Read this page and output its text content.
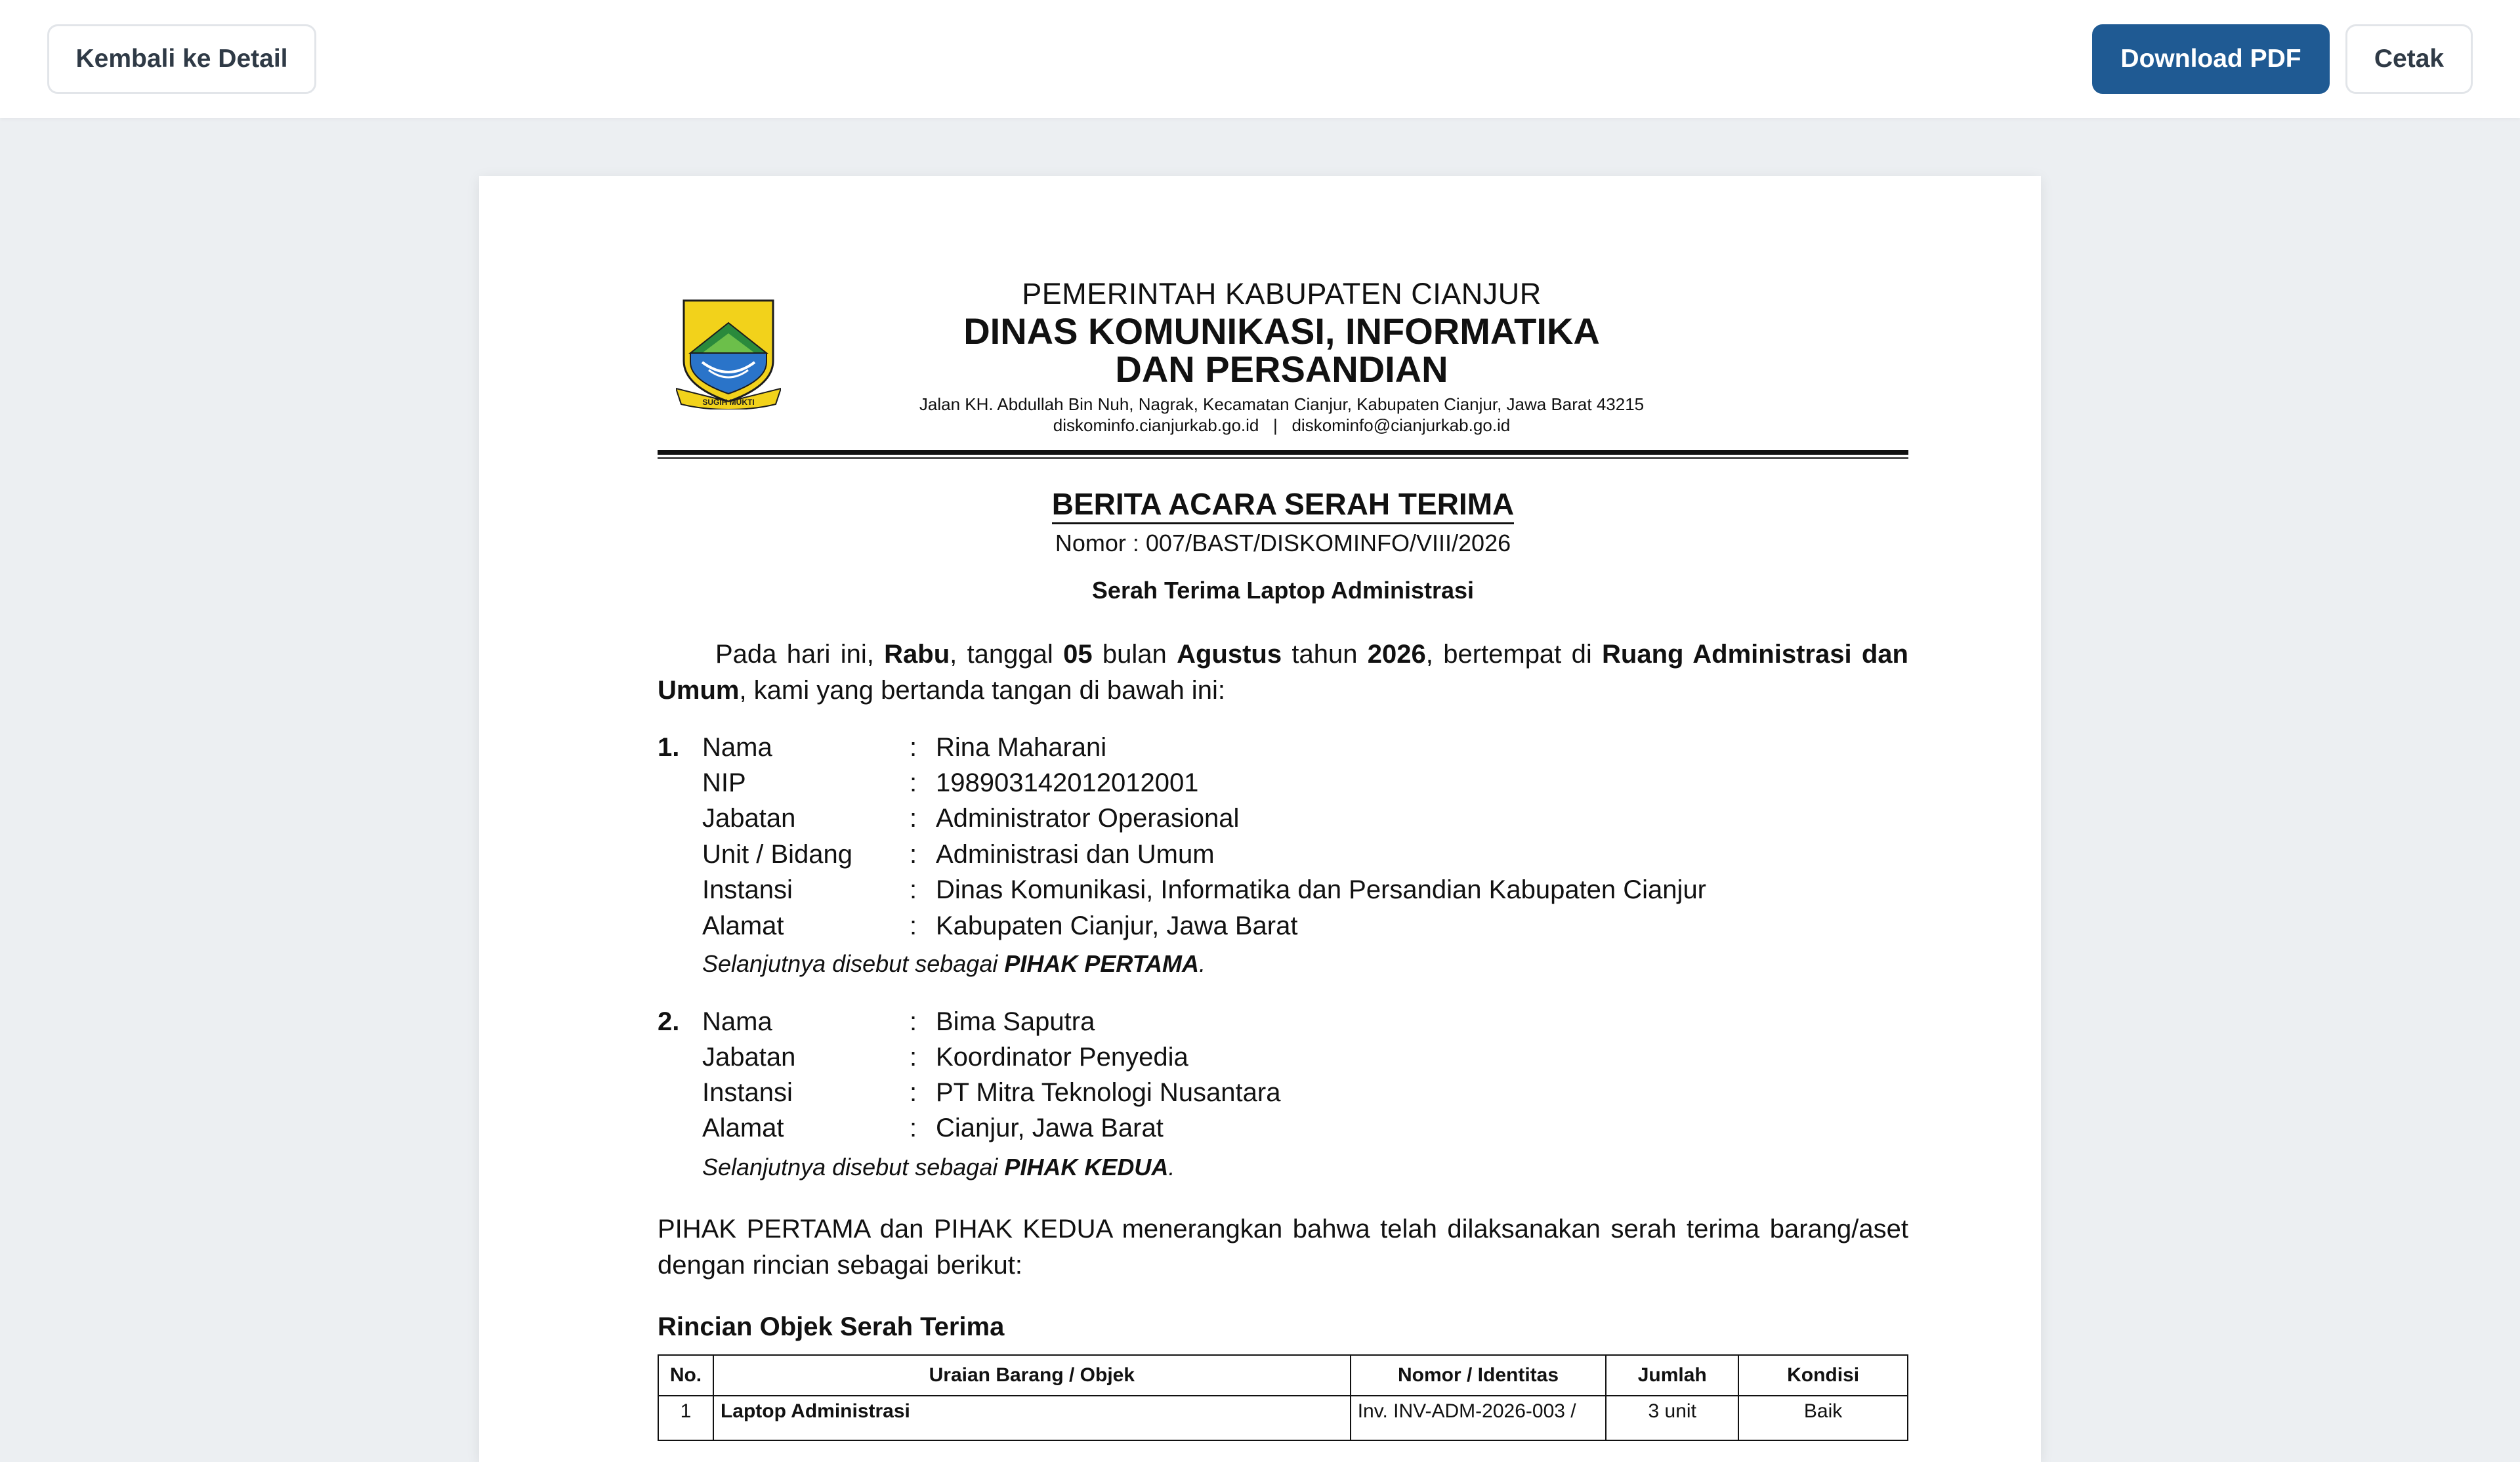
Kembali ke Detail	Download PDF	Cetak
SUGIH MUKTI
PEMERINTAH KABUPATEN CIANJUR
DINAS KOMUNIKASI, INFORMATIKA
DAN PERSANDIAN
Jalan KH. Abdullah Bin Nuh, Nagrak, Kecamatan Cianjur, Kabupaten Cianjur, Jawa Barat 43215
diskominfo.cianjurkab.go.id   |   diskominfo@cianjurkab.go.id
BERITA ACARA SERAH TERIMA
Nomor : 007/BAST/DISKOMINFO/VIII/2026
Serah Terima Laptop Administrasi
Pada hari ini, Rabu, tanggal 05 bulan Agustus tahun 2026, bertempat di Ruang Administrasi dan Umum, kami yang bertanda tangan di bawah ini:
1. Nama	: Rina Maharani
NIP	: 198903142012012001
Jabatan	: Administrator Operasional
Unit / Bidang : Administrasi dan Umum
Instansi	: Dinas Komunikasi, Informatika dan Persandian Kabupaten Cianjur
Alamat	: Kabupaten Cianjur, Jawa Barat
Selanjutnya disebut sebagai PIHAK PERTAMA.
2. Nama	: Bima Saputra
Jabatan	: Koordinator Penyedia
Instansi	: PT Mitra Teknologi Nusantara
Alamat	: Cianjur, Jawa Barat
Selanjutnya disebut sebagai PIHAK KEDUA.
PIHAK PERTAMA dan PIHAK KEDUA menerangkan bahwa telah dilaksanakan serah terima barang/aset dengan rincian sebagai berikut:
Rincian Objek Serah Terima
No.	Uraian Barang / Objek	Nomor / Identitas	Jumlah	Kondisi
1	Laptop Administrasi	Inv. INV-ADM-2026-003 /	3 unit	Baik
